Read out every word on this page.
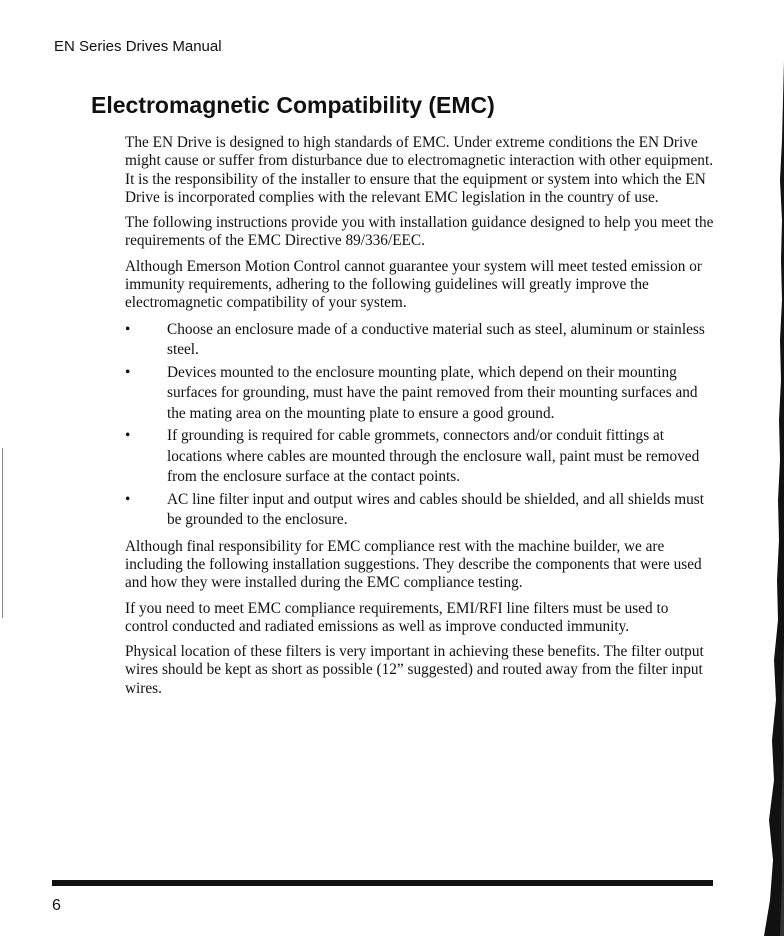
EN Series Drives Manual
Electromagnetic Compatibility (EMC)

The EN Drive is designed to high standards of EMC. Under extreme conditions the EN Drive might cause or suffer from disturbance due to electromagnetic interaction with other equipment. It is the responsibility of the installer to ensure that the equipment or system into which the EN Drive is incorporated complies with the relevant EMC legislation in the country of use.

The following instructions provide you with installation guidance designed to help you meet the requirements of the EMC Directive 89/336/EEC.

Although Emerson Motion Control cannot guarantee your system will meet tested emission or immunity requirements, adhering to the following guidelines will greatly improve the electromagnetic compatibility of your system.

•	Choose an enclosure made of a conductive material such as steel, aluminum or stainless steel.
•	Devices mounted to the enclosure mounting plate, which depend on their mounting surfaces for grounding, must have the paint removed from their mounting surfaces and the mating area on the mounting plate to ensure a good ground.
•	If grounding is required for cable grommets, connectors and/or conduit fittings at locations where cables are mounted through the enclosure wall, paint must be removed from the enclosure surface at the contact points.
•	AC line filter input and output wires and cables should be shielded, and all shields must be grounded to the enclosure.

Although final responsibility for EMC compliance rest with the machine builder, we are including the following installation suggestions. They describe the components that were used and how they were installed during the EMC compliance testing.

If you need to meet EMC compliance requirements, EMI/RFI line filters must be used to control conducted and radiated emissions as well as improve conducted immunity.

Physical location of these filters is very important in achieving these benefits. The filter output wires should be kept as short as possible (12” suggested) and routed away from the filter input wires.

6
